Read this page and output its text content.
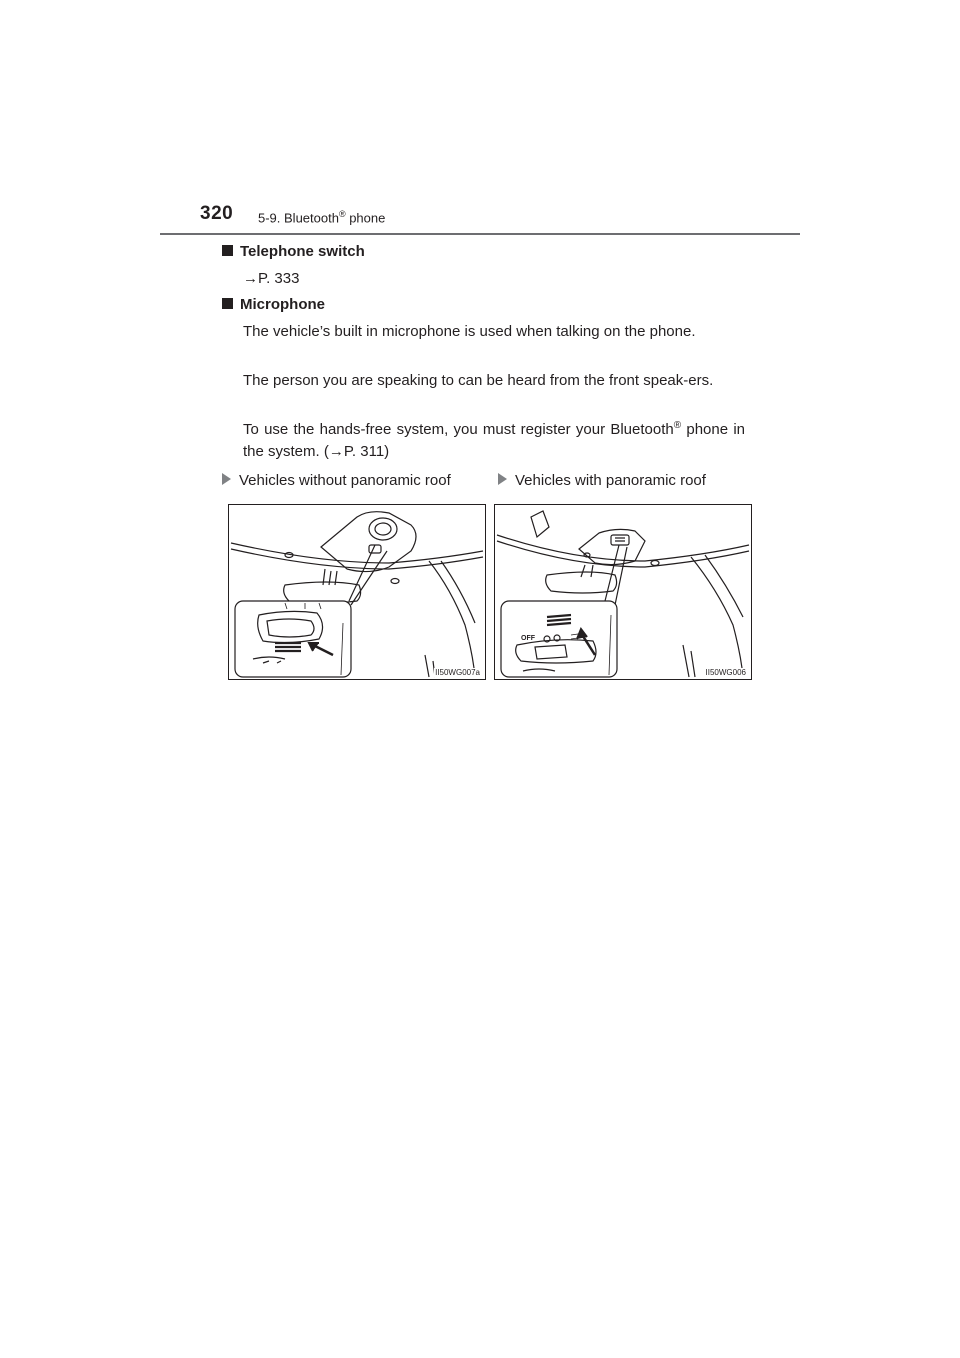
320 5-9. Bluetooth® phone
Telephone switch
→P. 333
Microphone
The vehicle’s built in microphone is used when talking on the phone.
The person you are speaking to can be heard from the front speak-ers.
To use the hands-free system, you must register your Bluetooth® phone in the system. (→P. 311)
Vehicles without panoramic roof	Vehicles with panoramic roof
II50WG007a
OFF
II50WG006
